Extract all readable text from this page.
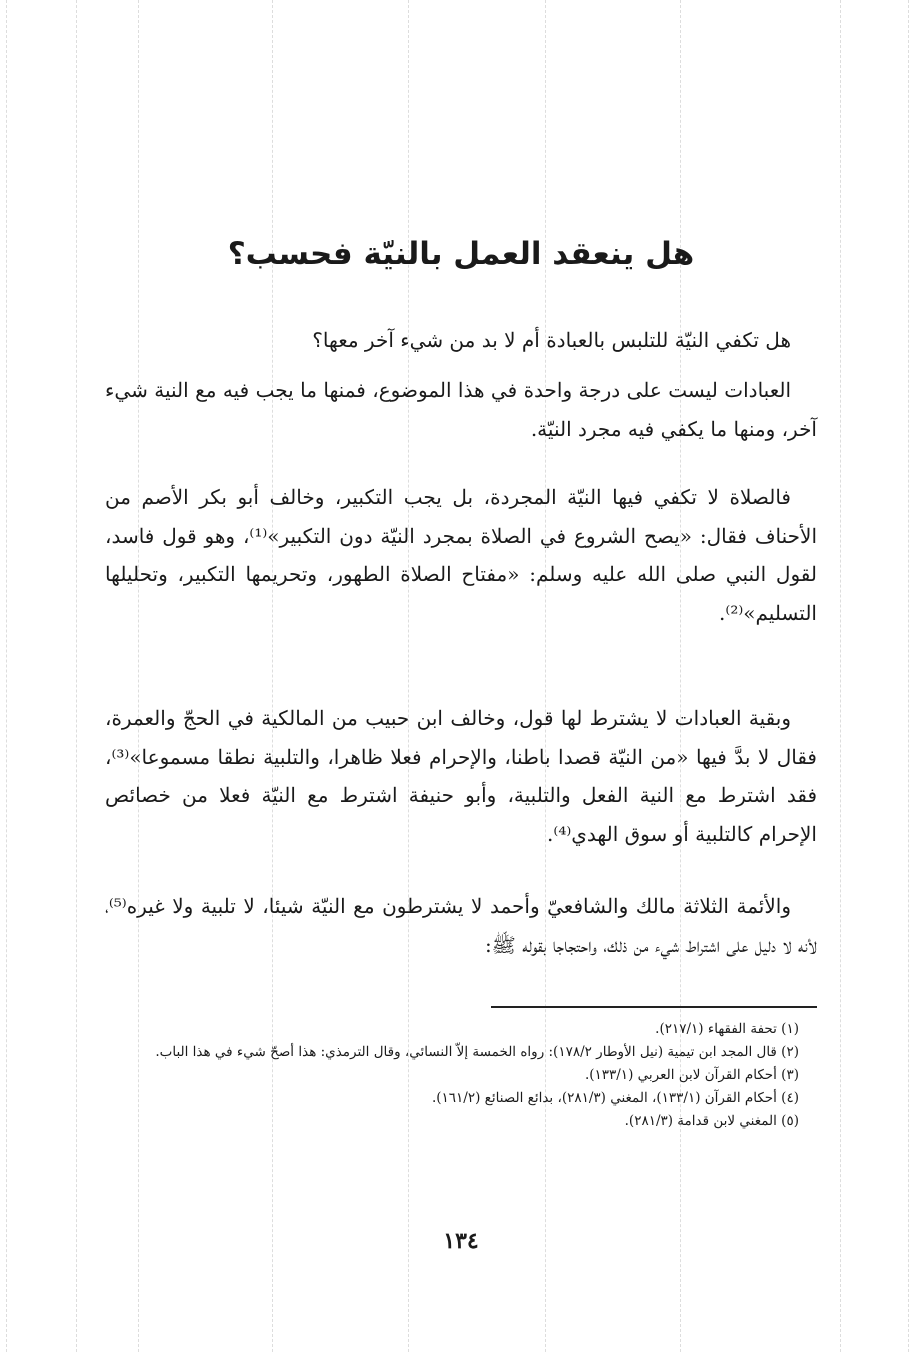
هل ينعقد العمل بالنيّة فحسب؟

هل تكفي النيّة للتلبس بالعبادة أم لا بد من شيء آخر معها؟

العبادات ليست على درجة واحدة في هذا الموضوع، فمنها ما يجب فيه مع النية شيء آخر، ومنها ما يكفي فيه مجرد النيّة.

فالصلاة لا تكفي فيها النيّة المجردة، بل يجب التكبير، وخالف أبو بكر الأصم من الأحناف فقال: «يصح الشروع في الصلاة بمجرد النيّة دون التكبير»⁽¹⁾، وهو قول فاسد، لقول النبي صلى الله عليه وسلم: «مفتاح الصلاة الطهور، وتحريمها التكبير، وتحليلها التسليم»⁽²⁾.

وبقية العبادات لا يشترط لها قول، وخالف ابن حبيب من المالكية في الحجّ والعمرة، فقال لا بدَّ فيها «من النيّة قصدا باطنا، والإحرام فعلا ظاهرا، والتلبية نطقا مسموعا»⁽³⁾، فقد اشترط مع النية الفعل والتلبية، وأبو حنيفة اشترط مع النيّة فعلا من خصائص الإحرام كالتلبية أو سوق الهدي⁽⁴⁾.

والأئمة الثلاثة مالك والشافعيّ وأحمد لا يشترطون مع النيّة شيئا، لا تلبية ولا غيره⁽⁵⁾، لأنه لا دليل على اشتراط شيء من ذلك، واحتجاجا بقوله ﷺ:

(١) تحفة الفقهاء (٢١٧/١).
(٢) قال المجد ابن تيمية (نيل الأوطار ١٧٨/٢): رواه الخمسة إلاّ النسائي، وقال الترمذي: هذا أصحّ شيء في هذا الباب.
(٣) أحكام القرآن لابن العربي (١٣٣/١).
(٤) أحكام القرآن (١٣٣/١)، المغني (٢٨١/٣)، بدائع الصنائع (١٦١/٢).
(٥) المغني لابن قدامة (٢٨١/٣).
١٣٤
